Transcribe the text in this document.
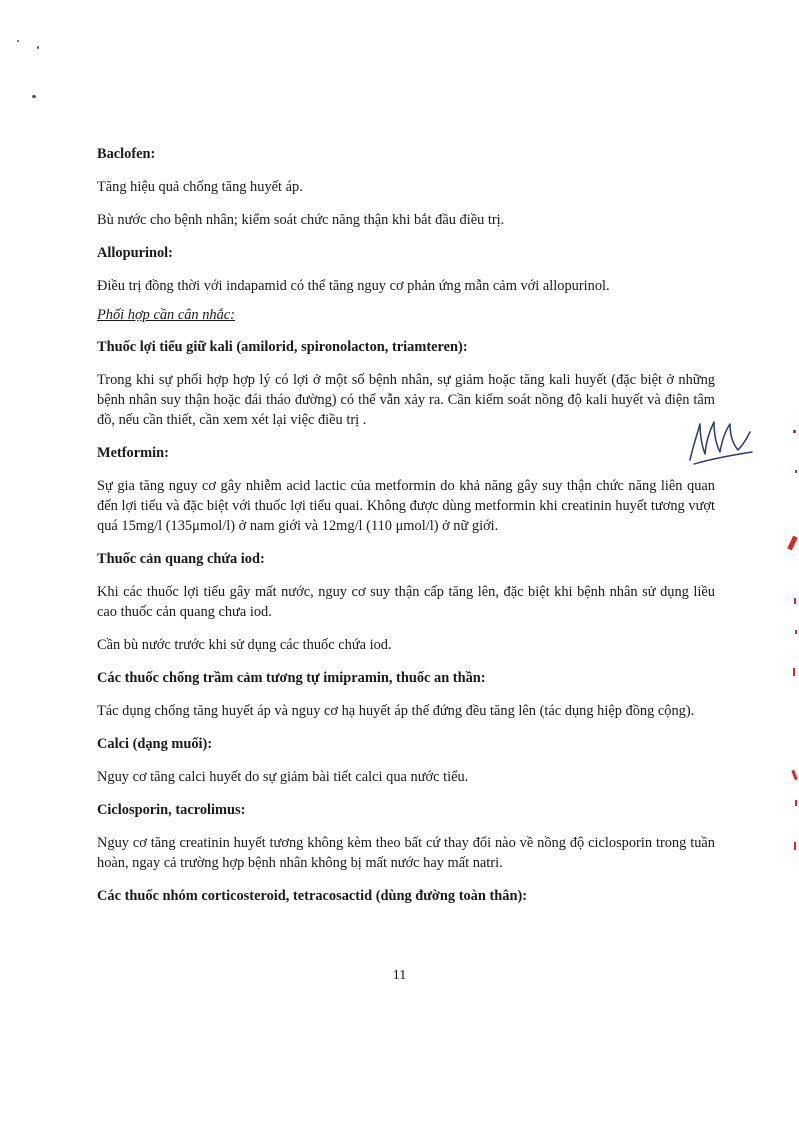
Baclofen:

Tăng hiệu quả chống tăng huyết áp.

Bù nước cho bệnh nhân; kiểm soát chức năng thận khi bắt đầu điều trị.

Allopurinol:

Điều trị đồng thời với indapamid có thể tăng nguy cơ phản ứng mẫn cảm với allopurinol.

Phối hợp cần cân nhắc:

Thuốc lợi tiểu giữ kali (amilorid, spironolacton, triamteren):

Trong khi sự phối hợp hợp lý có lợi ở một số bệnh nhân, sự giảm hoặc tăng kali huyết (đặc biệt ở những bệnh nhân suy thận hoặc đái tháo đường) có thể vẫn xảy ra. Cần kiểm soát nồng độ kali huyết và điện tâm đồ, nếu cần thiết, cần xem xét lại việc điều trị .

Metformin:

Sự gia tăng nguy cơ gây nhiễm acid lactic của metformin do khả năng gây suy thận chức năng liên quan đến lợi tiểu và đặc biệt với thuốc lợi tiểu quai. Không được dùng metformin khi creatinin huyết tương vượt quá 15mg/l (135μmol/l) ở nam giới và 12mg/l (110 μmol/l) ở nữ giới.

Thuốc cản quang chứa iod:

Khi các thuốc lợi tiểu gây mất nước, nguy cơ suy thận cấp tăng lên, đặc biệt khi bệnh nhân sử dụng liều cao thuốc cản quang chưa iod.

Cần bù nước trước khi sử dụng các thuốc chứa iod.

Các thuốc chống trầm cảm tương tự imipramin, thuốc an thần:

Tác dụng chống tăng huyết áp và nguy cơ hạ huyết áp thế đứng đều tăng lên (tác dụng hiệp đồng cộng).

Calci (dạng muối):

Nguy cơ tăng calci huyết do sự giảm bài tiết calci qua nước tiểu.

Ciclosporin, tacrolimus:

Nguy cơ tăng creatinin huyết tương không kèm theo bất cứ thay đổi nào về nồng độ ciclosporin trong tuần hoàn, ngay cả trường hợp bệnh nhân không bị mất nước hay mất natri.

Các thuốc nhóm corticosteroid, tetracosactid (dùng đường toàn thân):

11
